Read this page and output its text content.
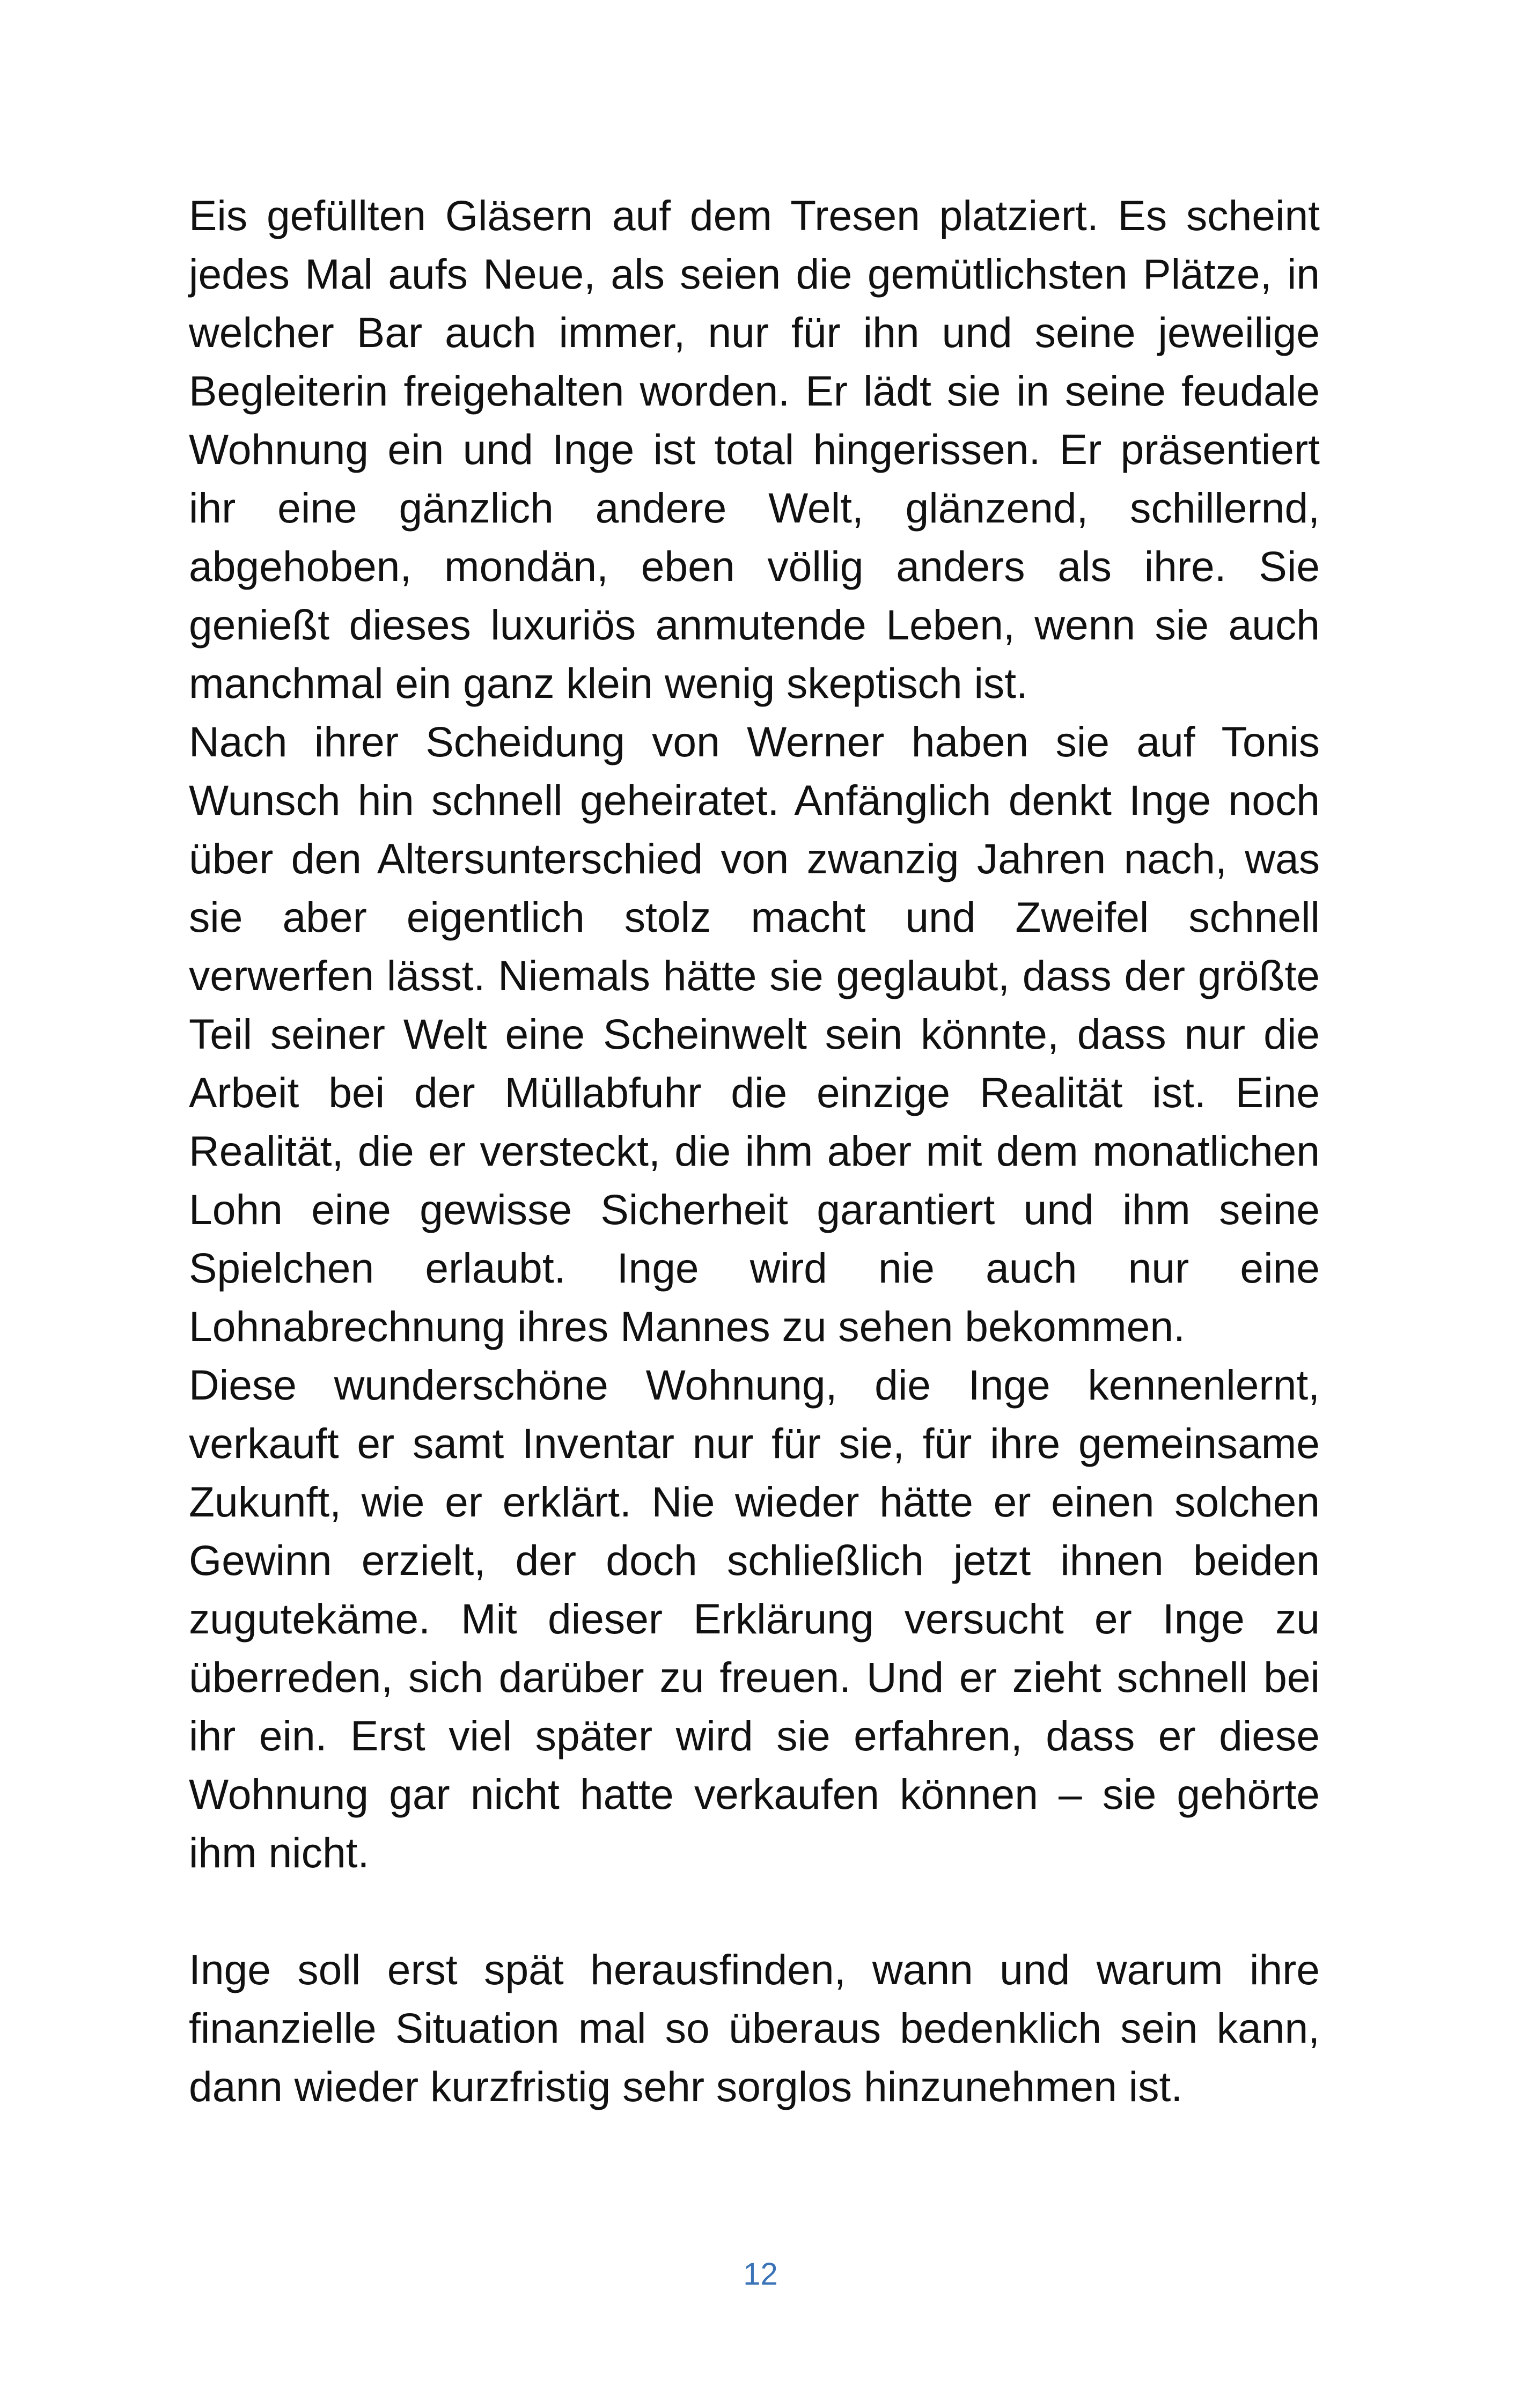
Eis gefüllten Gläsern auf dem Tresen platziert. Es scheint jedes Mal aufs Neue, als seien die gemütlichsten Plätze, in welcher Bar auch immer, nur für ihn und seine jeweilige Begleiterin freigehalten worden. Er lädt sie in seine feudale Wohnung ein und Inge ist total hingerissen. Er präsentiert ihr eine gänzlich andere Welt, glänzend, schillernd, abgehoben, mondän, eben völlig anders als ihre. Sie genießt dieses luxuriös anmutende Leben, wenn sie auch manchmal ein ganz klein wenig skeptisch ist.

Nach ihrer Scheidung von Werner haben sie auf Tonis Wunsch hin schnell geheiratet. Anfänglich denkt Inge noch über den Altersunterschied von zwanzig Jahren nach, was sie aber eigentlich stolz macht und Zweifel schnell verwerfen lässt. Niemals hätte sie geglaubt, dass der größte Teil seiner Welt eine Scheinwelt sein könnte, dass nur die Arbeit bei der Müllabfuhr die einzige Realität ist. Eine Realität, die er versteckt, die ihm aber mit dem monatlichen Lohn eine gewisse Sicherheit garantiert und ihm seine Spielchen erlaubt. Inge wird nie auch nur eine Lohnabrechnung ihres Mannes zu sehen bekommen.

Diese wunderschöne Wohnung, die Inge kennenlernt, verkauft er samt Inventar nur für sie, für ihre gemeinsame Zukunft, wie er erklärt. Nie wieder hätte er einen solchen Gewinn erzielt, der doch schließlich jetzt ihnen beiden zugutekäme. Mit dieser Erklärung versucht er Inge zu überreden, sich darüber zu freuen. Und er zieht schnell bei ihr ein. Erst viel später wird sie erfahren, dass er diese Wohnung gar nicht hatte verkaufen können – sie gehörte ihm nicht.

Inge soll erst spät herausfinden, wann und warum ihre finanzielle Situation mal so überaus bedenklich sein kann, dann wieder kurzfristig sehr sorglos hinzunehmen ist.

12
